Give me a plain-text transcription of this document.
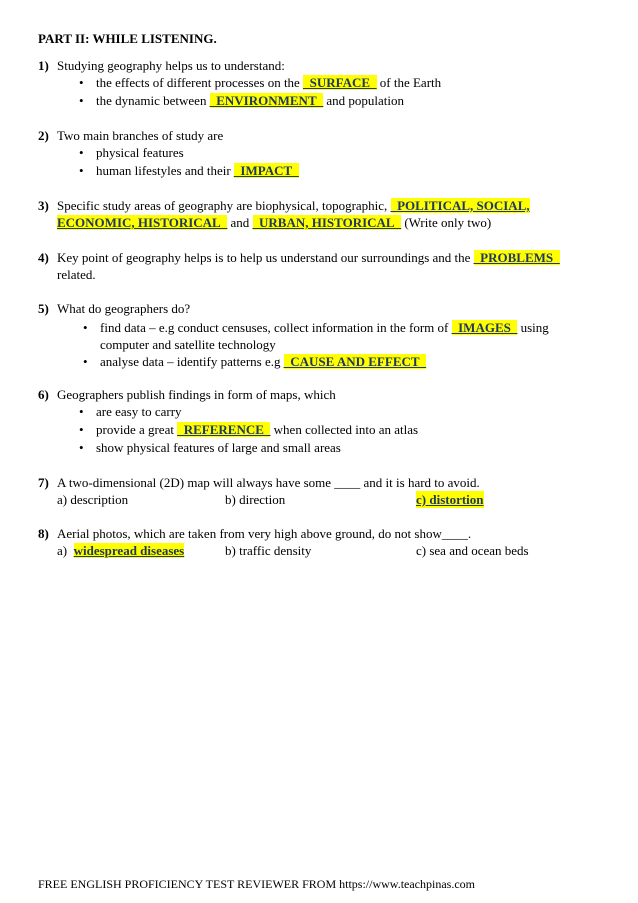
PART II: WHILE LISTENING.
1) Studying geography helps us to understand:
• the effects of different processes on the _SURFACE_ of the Earth
• the dynamic between _ENVIRONMENT_ and population
2) Two main branches of study are
• physical features
• human lifestyles and their _IMPACT_
3) Specific study areas of geography are biophysical, topographic, _POLITICAL, SOCIAL,
ECONOMIC, HISTORICAL_ and _URBAN, HISTORICAL_ (Write only two)
4) Key point of geography helps is to help us understand our surroundings and the _PROBLEMS_
related.
5) What do geographers do?
• find data – e.g conduct censuses, collect information in the form of _IMAGES_ using
computer and satellite technology
• analyse data – identify patterns e.g _CAUSE AND EFFECT_
6) Geographers publish findings in form of maps, which
• are easy to carry
• provide a great _REFERENCE_ when collected into an atlas
• show physical features of large and small areas
7) A two-dimensional (2D) map will always have some ____ and it is hard to avoid.
a) description	b) direction	c) distortion
8) Aerial photos, which are taken from very high above ground, do not show____.
a) widespread diseases	b) traffic density	c) sea and ocean beds
FREE ENGLISH PROFICIENCY TEST REVIEWER FROM https://www.teachpinas.com
